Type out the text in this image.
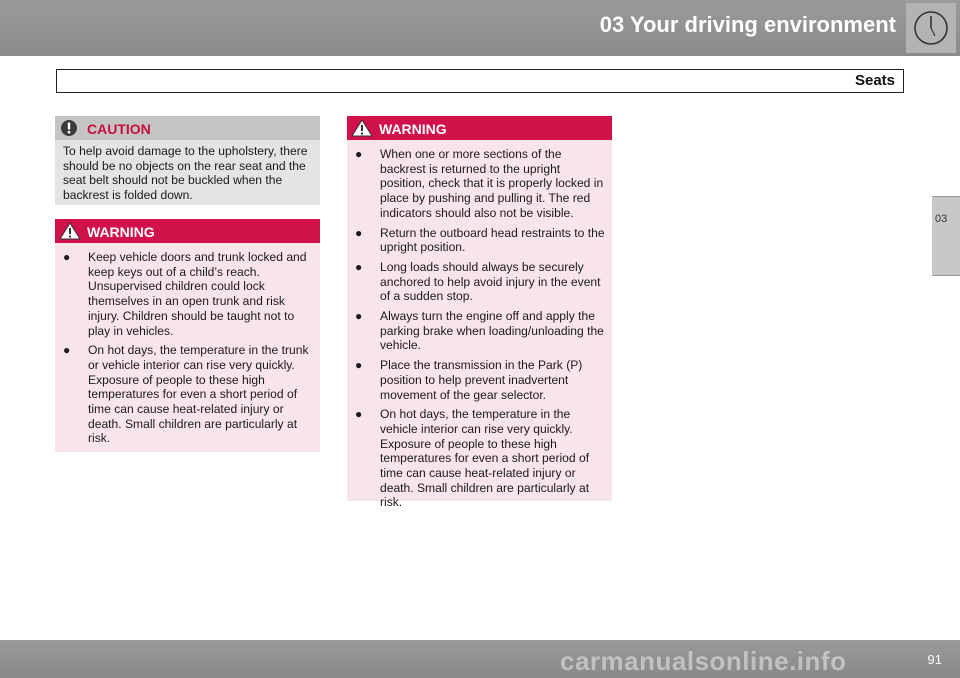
03 Your driving environment
Seats
03
CAUTION
To help avoid damage to the upholstery, there should be no objects on the rear seat and the seat belt should not be buckled when the backrest is folded down.
WARNING
● Keep vehicle doors and trunk locked and keep keys out of a child’s reach. Unsupervised children could lock themselves in an open trunk and risk injury. Children should be taught not to play in vehicles.
● On hot days, the temperature in the trunk or vehicle interior can rise very quickly. Exposure of people to these high temperatures for even a short period of time can cause heat-related injury or death. Small children are particularly at risk.
WARNING
● When one or more sections of the backrest is returned to the upright position, check that it is properly locked in place by pushing and pulling it. The red indicators should also not be visible.
● Return the outboard head restraints to the upright position.
● Long loads should always be securely anchored to help avoid injury in the event of a sudden stop.
● Always turn the engine off and apply the parking brake when loading/unloading the vehicle.
● Place the transmission in the Park (P) position to help prevent inadvertent movement of the gear selector.
● On hot days, the temperature in the vehicle interior can rise very quickly. Exposure of people to these high temperatures for even a short period of time can cause heat-related injury or death. Small children are particularly at risk.
91
carmanualsonline.info
